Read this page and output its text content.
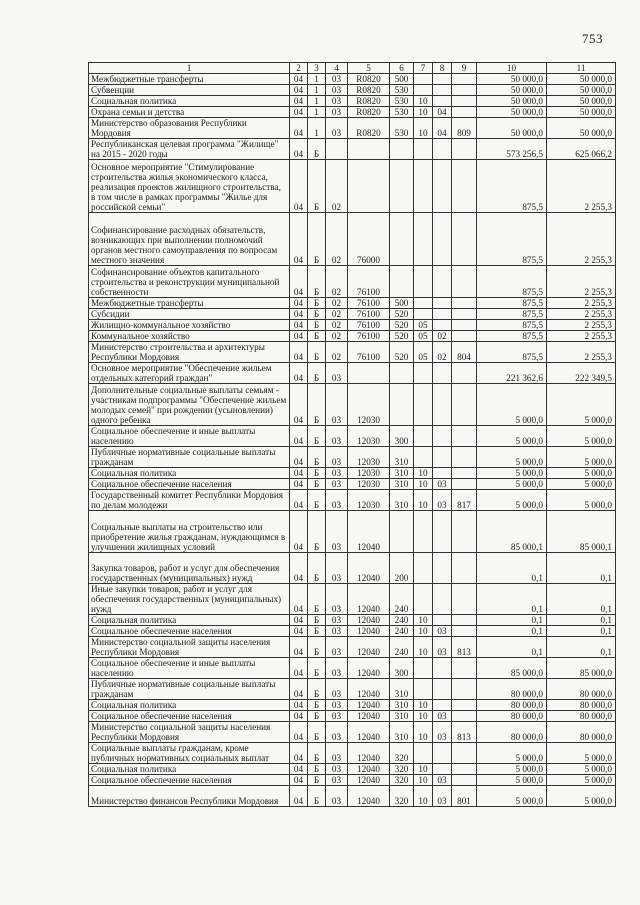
753
1	2	3	4	5	6	7	8	9	10	11
Межбюджетные трансферты	04	1	03	R0820	500				50 000,0	50 000,0
Субвенции	04	1	03	R0820	530				50 000,0	50 000,0
Социальная политика	04	1	03	R0820	530	10			50 000,0	50 000,0
Охрана семьи и детства	04	1	03	R0820	530	10	04		50 000,0	50 000,0
Министерство образования Республики Мордовия	04	1	03	R0820	530	10	04	809	50 000,0	50 000,0
Республиканская целевая программа "Жилище" на 2015 - 2020 годы	04	Б							573 256,5	625 066,2
Основное мероприятие "Стимулирование строительства жилья экономического класса, реализация проектов жилищного строительства, в том числе в рамках программы "Жилье для российской семьи"	04	Б	02						875,5	2 255,3
Софинансирование расходных обязательств, возникающих при выполнении полномочий органов местного самоуправления по вопросам местного значения	04	Б	02	76000					875,5	2 255,3
Софинансирование объектов капитального строительства и реконструкции муниципальной собственности	04	Б	02	76100					875,5	2 255,3
Межбюджетные трансферты	04	Б	02	76100	500				875,5	2 255,3
Субсидии	04	Б	02	76100	520				875,5	2 255,3
Жилищно-коммунальное хозяйство	04	Б	02	76100	520	05			875,5	2 255,3
Коммунальное хозяйство	04	Б	02	76100	520	05	02		875,5	2 255,3
Министерство строительства и архитектуры Республики Мордовия	04	Б	02	76100	520	05	02	804	875,5	2 255,3
Основное мероприятие "Обеспечение жильем отдельных категорий граждан"	04	Б	03						221 362,6	222 349,5
Дополнительные социальные выплаты семьям - участникам подпрограммы "Обеспечение жильем молодых семей" при рождении (усыновлении) одного ребенка	04	Б	03	12030					5 000,0	5 000,0
Социальное обеспечение и иные выплаты населению	04	Б	03	12030	300				5 000,0	5 000,0
Публичные нормативные социальные выплаты гражданам	04	Б	03	12030	310				5 000,0	5 000,0
Социальная политика	04	Б	03	12030	310	10			5 000,0	5 000,0
Социальное обеспечение населения	04	Б	03	12030	310	10	03		5 000,0	5 000,0
Государственный комитет Республики Мордовия по делам молодежи	04	Б	03	12030	310	10	03	817	5 000,0	5 000,0
Социальные выплаты на строительство или приобретение жилья гражданам, нуждающимся в улучшении жилищных условий	04	Б	03	12040					85 000,1	85 000,1
Закупка товаров, работ и услуг для обеспечения государственных (муниципальных) нужд	04	Б	03	12040	200				0,1	0,1
Иные закупки товаров, работ и услуг для обеспечения государственных (муниципальных) нужд	04	Б	03	12040	240				0,1	0,1
Социальная политика	04	Б	03	12040	240	10			0,1	0,1
Социальное обеспечение населения	04	Б	03	12040	240	10	03		0,1	0,1
Министерство социальной защиты населения Республики Мордовия	04	Б	03	12040	240	10	03	813	0,1	0,1
Социальное обеспечение и иные выплаты населению	04	Б	03	12040	300				85 000,0	85 000,0
Публичные нормативные социальные выплаты гражданам	04	Б	03	12040	310				80 000,0	80 000,0
Социальная политика	04	Б	03	12040	310	10			80 000,0	80 000,0
Социальное обеспечение населения	04	Б	03	12040	310	10	03		80 000,0	80 000,0
Министерство социальной защиты населения Республики Мордовия	04	Б	03	12040	310	10	03	813	80 000,0	80 000,0
Социальные выплаты гражданам, кроме публичных нормативных социальных выплат	04	Б	03	12040	320				5 000,0	5 000,0
Социальная политика	04	Б	03	12040	320	10			5 000,0	5 000,0
Социальное обеспечение населения	04	Б	03	12040	320	10	03		5 000,0	5 000,0
Министерство финансов Республики Мордовия	04	Б	03	12040	320	10	03	801	5 000,0	5 000,0
